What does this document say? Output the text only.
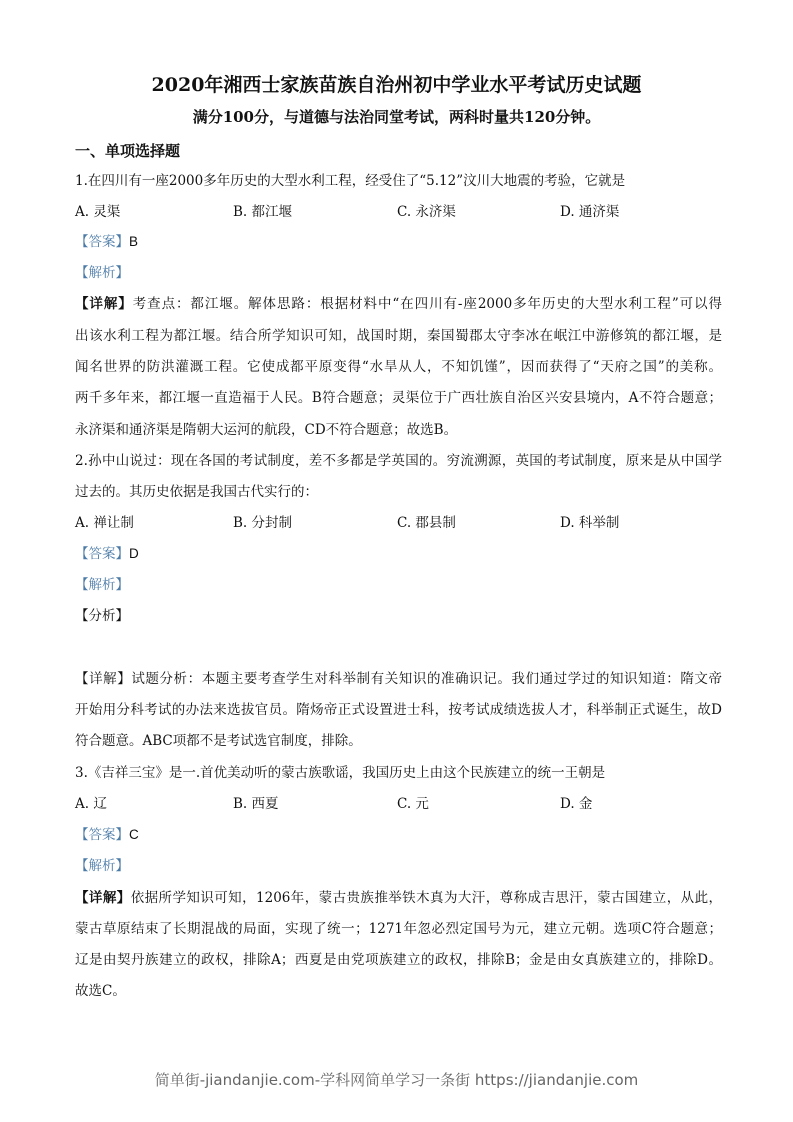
2020年湘西士家族苗族自治州初中学业水平考试历史试题
满分100分，与道德与法治同堂考试，两科时量共120分钟。
一、单项选择题
1.在四川有一座2000多年历史的大型水利工程，经受住了“5.12”汶川大地震的考验，它就是
A. 灵渠	B. 都江堰	C. 永济渠	D. 通济渠
【答案】B
【解析】
【详解】考查点：都江堰。解体思路：根据材料中“在四川有-座2000多年历史的大型水利工程”可以得
出该水利工程为都江堰。结合所学知识可知，战国时期，秦国蜀郡太守李冰在岷江中游修筑的都江堰，是
闻名世界的防洪灌溉工程。它使成都平原变得“水旱从人，不知饥馑”，因而获得了“天府之国”的美称。
两千多年来，都江堰一直造福于人民。B符合题意；灵渠位于广西壮族自治区兴安县境内，A不符合题意；
永济渠和通济渠是隋朝大运河的航段，CD不符合题意；故选B。
2.孙中山说过：现在各国的考试制度，差不多都是学英国的。穷流溯源，英国的考试制度，原来是从中国学
过去的。其历史依据是我国古代实行的：
A. 禅让制	B. 分封制	C. 郡县制	D. 科举制
【答案】D
【解析】
【分析】
【详解】试题分析：本题主要考查学生对科举制有关知识的准确识记。我们通过学过的知识知道：隋文帝
开始用分科考试的办法来选拔官员。隋炀帝正式设置进士科，按考试成绩选拔人才，科举制正式诞生，故D
符合题意。ABC项都不是考试选官制度，排除。
3.《吉祥三宝》是一.首优美动听的蒙古族歌谣，我国历史上由这个民族建立的统一王朝是
A. 辽	B. 西夏	C. 元	D. 金
【答案】C
【解析】
【详解】依据所学知识可知，1206年，蒙古贵族推举铁木真为大汗，尊称成吉思汗，蒙古国建立，从此，
蒙古草原结束了长期混战的局面，实现了统一；1271年忽必烈定国号为元，建立元朝。选项C符合题意；
辽是由契丹族建立的政权，排除A；西夏是由党项族建立的政权，排除B；金是由女真族建立的，排除D。
故选C。
简单街-jiandanjie.com-学科网简单学习一条街 https://jiandanjie.com
